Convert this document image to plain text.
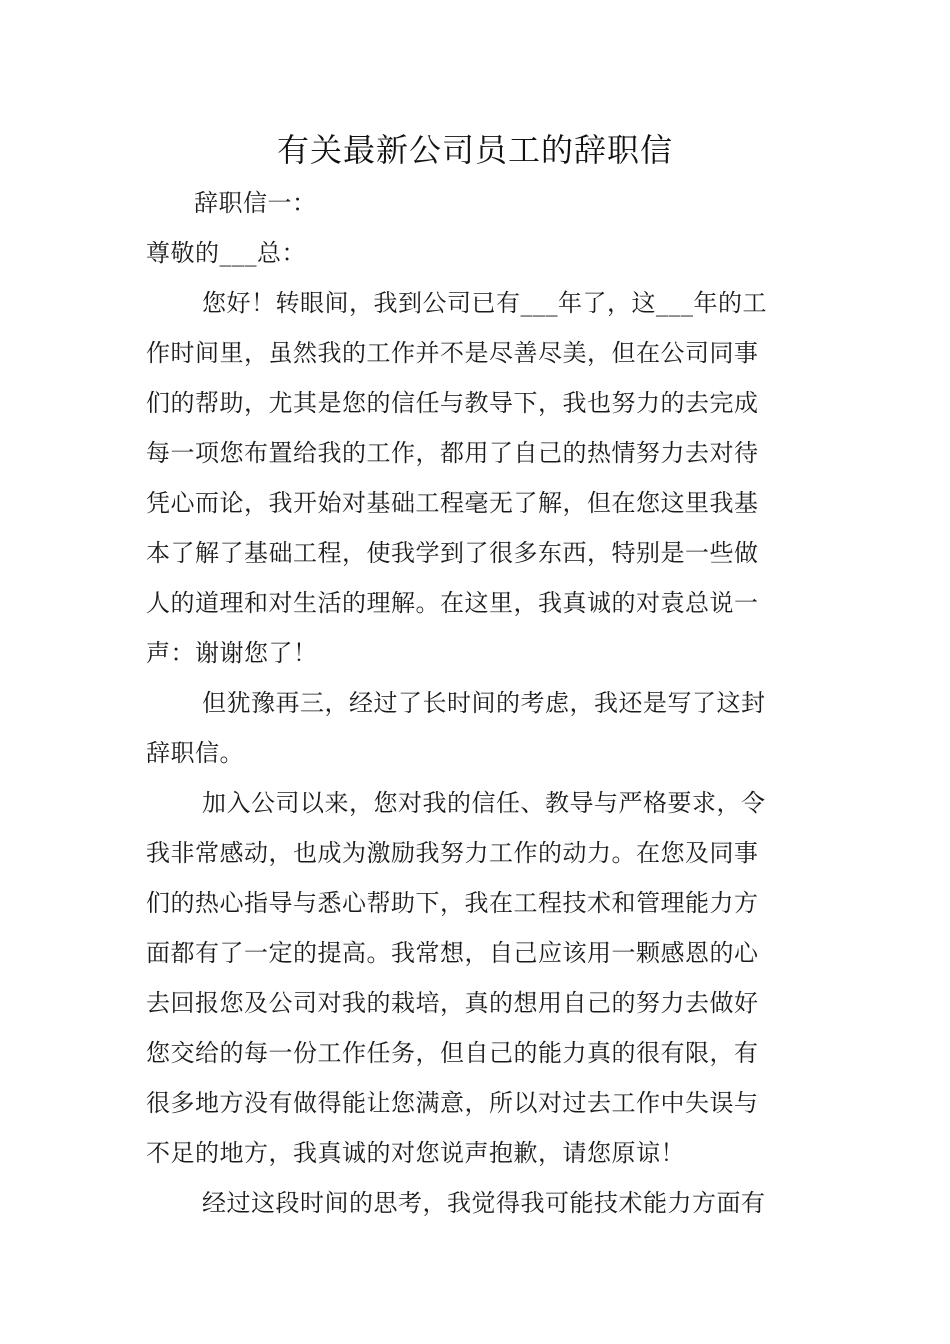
有关最新公司员工的辞职信
辞职信一：
尊敬的___总：
您好！转眼间，我到公司已有___年了，这___年的工
作时间里，虽然我的工作并不是尽善尽美，但在公司同事
们的帮助，尤其是您的信任与教导下，我也努力的去完成
每一项您布置给我的工作，都用了自己的热情努力去对待
凭心而论，我开始对基础工程毫无了解，但在您这里我基
本了解了基础工程，使我学到了很多东西，特别是一些做
人的道理和对生活的理解。在这里，我真诚的对袁总说一
声：谢谢您了！
但犹豫再三，经过了长时间的考虑，我还是写了这封
辞职信。
加入公司以来，您对我的信任、教导与严格要求，令
我非常感动，也成为激励我努力工作的动力。在您及同事
们的热心指导与悉心帮助下，我在工程技术和管理能力方
面都有了一定的提高。我常想，自己应该用一颗感恩的心
去回报您及公司对我的栽培，真的想用自己的努力去做好
您交给的每一份工作任务，但自己的能力真的很有限，有
很多地方没有做得能让您满意，所以对过去工作中失误与
不足的地方，我真诚的对您说声抱歉，请您原谅！
经过这段时间的思考，我觉得我可能技术能力方面有
